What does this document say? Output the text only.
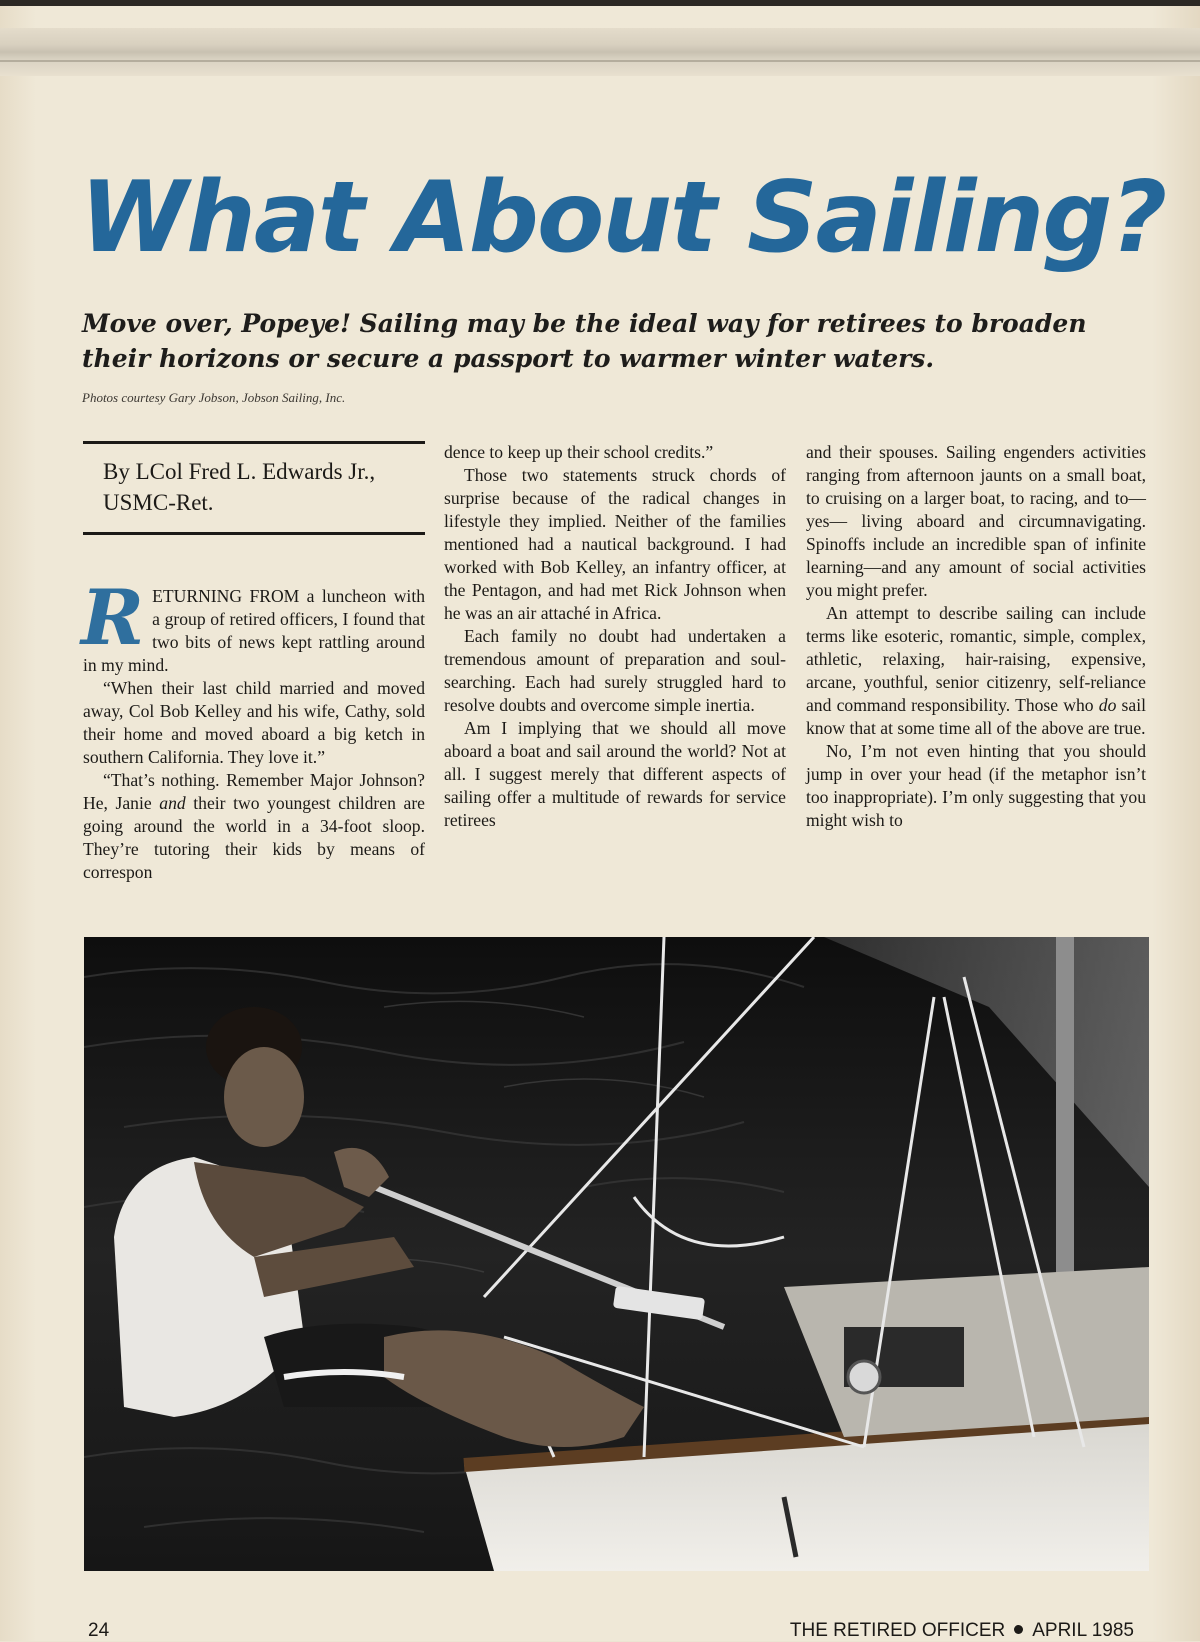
What About Sailing?

Move over, Popeye! Sailing may be the ideal way for retirees to broaden their horizons or secure a passport to warmer winter waters.

Photos courtesy Gary Jobson, Jobson Sailing, Inc.

By LCol Fred L. Edwards Jr.,
USMC-Ret.

RETURNING FROM a luncheon with a group of retired officers, I found that two bits of news kept rattling around in my mind.

“When their last child married and moved away, Col Bob Kelley and his wife, Cathy, sold their home and moved aboard a big ketch in southern California. They love it.”

“That’s nothing. Remember Major Johnson? He, Janie and their two youngest children are going around the world in a 34-foot sloop. They’re tutoring their kids by means of correspon

dence to keep up their school credits.”

Those two statements struck chords of surprise because of the radical changes in lifestyle they implied. Neither of the families mentioned had a nautical background. I had worked with Bob Kelley, an infantry officer, at the Pentagon, and had met Rick Johnson when he was an air attaché in Africa.

Each family no doubt had undertaken a tremendous amount of preparation and soul-searching. Each had surely struggled hard to resolve doubts and overcome simple inertia.

Am I implying that we should all move aboard a boat and sail around the world? Not at all. I suggest merely that different aspects of sailing offer a multitude of rewards for service retirees

and their spouses. Sailing engenders activities ranging from afternoon jaunts on a small boat, to cruising on a larger boat, to racing, and to—yes— living aboard and circumnavigating. Spinoffs include an incredible span of infinite learning—and any amount of social activities you might prefer.

An attempt to describe sailing can include terms like esoteric, romantic, simple, complex, athletic, relaxing, hair-raising, expensive, arcane, youthful, senior citizenry, self-reliance and command responsibility. Those who do sail know that at some time all of the above are true.

No, I’m not even hinting that you should jump in over your head (if the metaphor isn’t too inappropriate). I’m only suggesting that you might wish to

24	THE RETIRED OFFICER APRIL 1985
